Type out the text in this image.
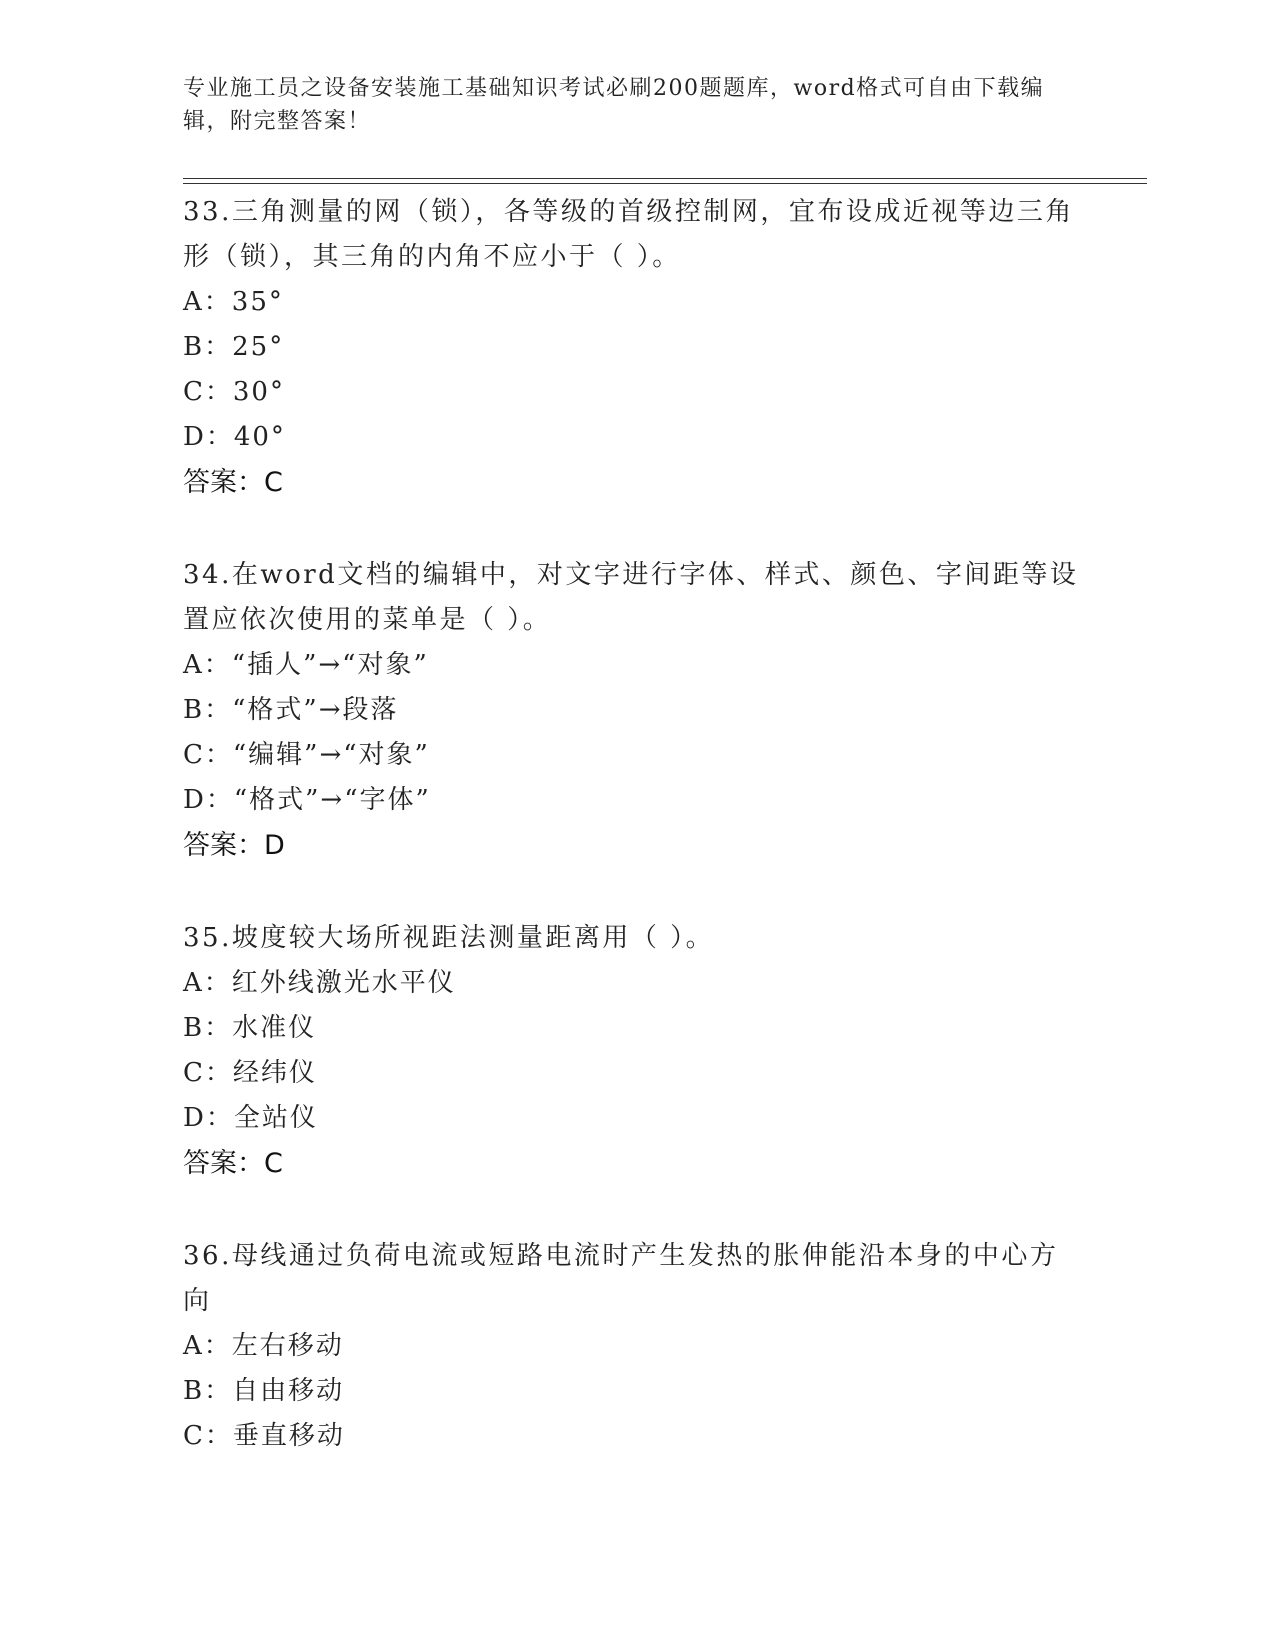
专业施工员之设备安装施工基础知识考试必刷200题题库，word格式可自由下载编辑，附完整答案！

33.三角测量的网（锁），各等级的首级控制网，宜布设成近视等边三角形（锁），其三角的内角不应小于（ ）。

A：35°

B：25°

C：30°

D：40°

答案：C

34.在word文档的编辑中，对文字进行字体、样式、颜色、字间距等设置应依次使用的菜单是（ ）。

A：“插人”→“对象”

B：“格式”→段落

C：“编辑”→“对象”

D：“格式”→“字体”

答案：D

35.坡度较大场所视距法测量距离用（ ）。

A：红外线激光水平仪

B：水准仪

C：经纬仪

D：全站仪

答案：C

36.母线通过负荷电流或短路电流时产生发热的胀伸能沿本身的中心方向

A：左右移动

B：自由移动

C：垂直移动
